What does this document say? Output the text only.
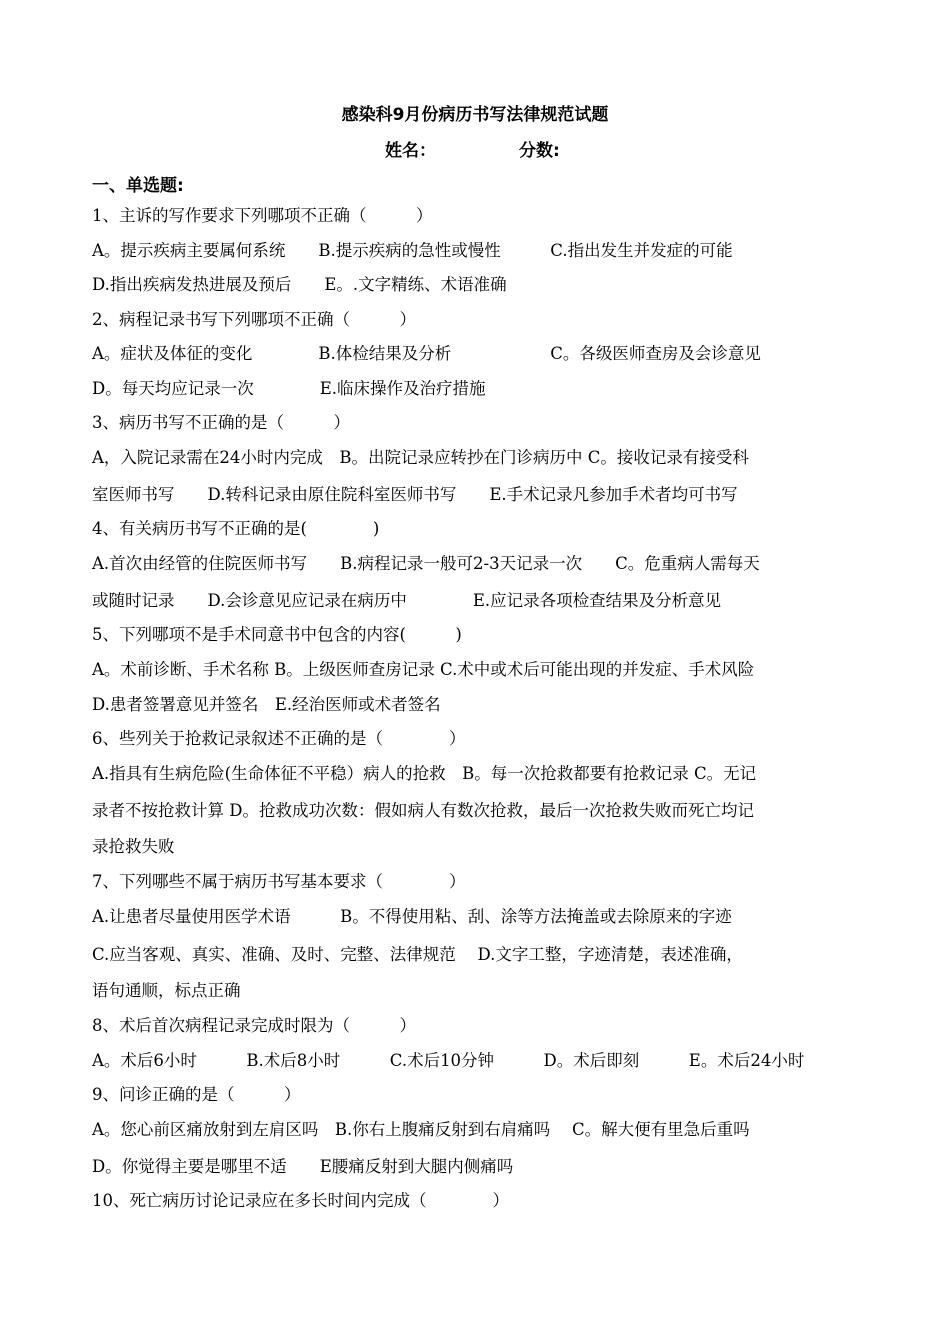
感染科9月份病历书写法律规范试题
姓名：	分数:
一、单选题:
1、主诉的写作要求下列哪项不正确（　　　）
A。提示疾病主要属何系统　　B.提示疾病的急性或慢性　　　C.指出发生并发症的可能
D.指出疾病发热进展及预后　　E。.文字精练、术语准确
2、病程记录书写下列哪项不正确（　　　）
A。症状及体征的变化　　　　B.体检结果及分析　　　　　　C。各级医师查房及会诊意见
D。每天均应记录一次　　　　E.临床操作及治疗措施
3、病历书写不正确的是（　　　）
A，入院记录需在24小时内完成　B。出院记录应转抄在门诊病历中 C。接收记录有接受科
室医师书写　　D.转科记录由原住院科室医师书写　　E.手术记录凡参加手术者均可书写
4、有关病历书写不正确的是(　　　　)
A.首次由经管的住院医师书写　　B.病程记录一般可2-3天记录一次　　C。危重病人需每天
或随时记录　　D.会诊意见应记录在病历中　　　　E.应记录各项检查结果及分析意见
5、下列哪项不是手术同意书中包含的内容(　　　)
A。术前诊断、手术名称 B。上级医师查房记录 C.术中或术后可能出现的并发症、手术风险
D.患者签署意见并签名　E.经治医师或术者签名
6、些列关于抢救记录叙述不正确的是（　　　　）
A.指具有生病危险(生命体征不平稳）病人的抢救　B。每一次抢救都要有抢救记录 C。无记
录者不按抢救计算 D。抢救成功次数：假如病人有数次抢救，最后一次抢救失败而死亡均记
录抢救失败
7、下列哪些不属于病历书写基本要求（　　　　）
A.让患者尽量使用医学术语　　　B。不得使用粘、刮、涂等方法掩盖或去除原来的字迹
C.应当客观、真实、准确、及时、完整、法律规范　 D.文字工整，字迹清楚，表述准确，
语句通顺，标点正确
8、术后首次病程记录完成时限为（　　　）
A。术后6小时　　　B.术后8小时　　　C.术后10分钟　　　D。术后即刻　　　E。术后24小时
9、问诊正确的是（　　　）
A。您心前区痛放射到左肩区吗　B.你右上腹痛反射到右肩痛吗　 C。解大便有里急后重吗
D。你觉得主要是哪里不适　　E腰痛反射到大腿内侧痛吗
10、死亡病历讨论记录应在多长时间内完成（　　　　）
